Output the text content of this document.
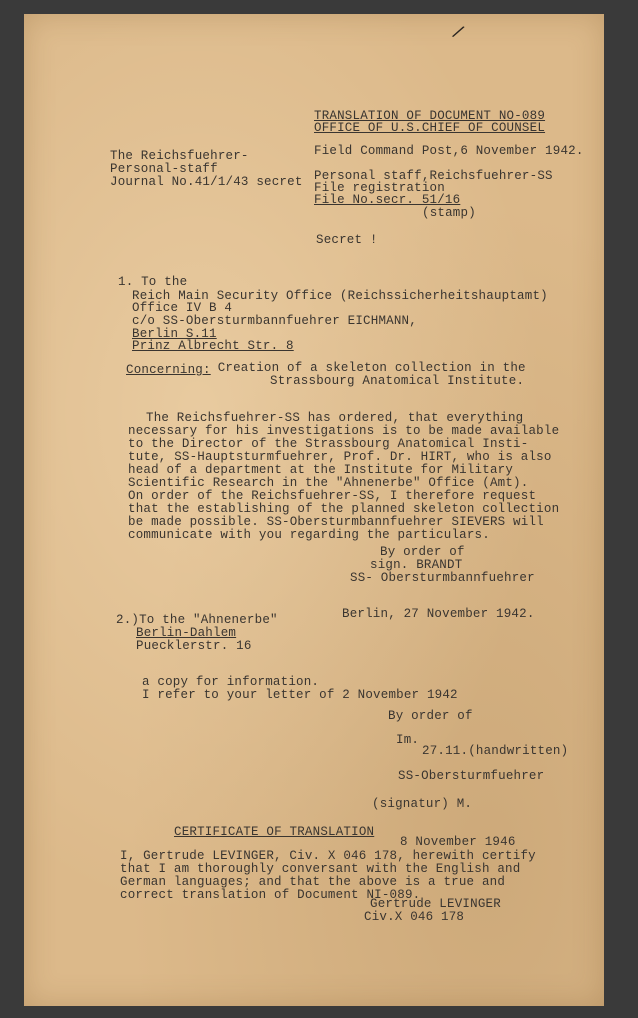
TRANSLATION OF DOCUMENT NO-089
OFFICE OF U.S.CHIEF OF COUNSEL
The Reichsfuehrer-
Personal-staff
Journal No.41/1/43 secret
Field Command Post,6 November 1942.
Personal staff,Reichsfuehrer-SS
File registration
File No.secr. 51/16
(stamp)
Secret !
1. To the
Reich Main Security Office (Reichssicherheitshauptamt)
Office IV B 4
c/o SS-Obersturmbannfuehrer EICHMANN,
Berlin S.11
Prinz Albrecht Str. 8
Concerning: Creation of a skeleton collection in the
Strassbourg Anatomical Institute.
The Reichsfuehrer-SS has ordered, that everything
necessary for his investigations is to be made available
to the Director of the Strassbourg Anatomical Insti-
tute, SS-Hauptsturmfuehrer, Prof. Dr. HIRT, who is also
head of a department at the Institute for Military
Scientific Research in the "Ahnenerbe" Office (Amt).
On order of the Reichsfuehrer-SS, I therefore request
that the establishing of the planned skeleton collection
be made possible. SS-Obersturmbannfuehrer SIEVERS will
communicate with you regarding the particulars.
By order of
sign. BRANDT
SS- Obersturmbannfuehrer
2.)To the "Ahnenerbe"
Berlin-Dahlem
Puecklerstr. 16
Berlin, 27 November 1942.
a copy for information.
I refer to your letter of 2 November 1942
By order of
Im.
27.11.(handwritten)
SS-Obersturmfuehrer
(signatur) M.
CERTIFICATE OF TRANSLATION
8 November 1946
I, Gertrude LEVINGER, Civ. X 046 178, herewith certify
that I am thoroughly conversant with the English and
German languages; and that the above is a true and
correct translation of Document NI-089.
Gertrude LEVINGER
Civ.X 046 178
/
